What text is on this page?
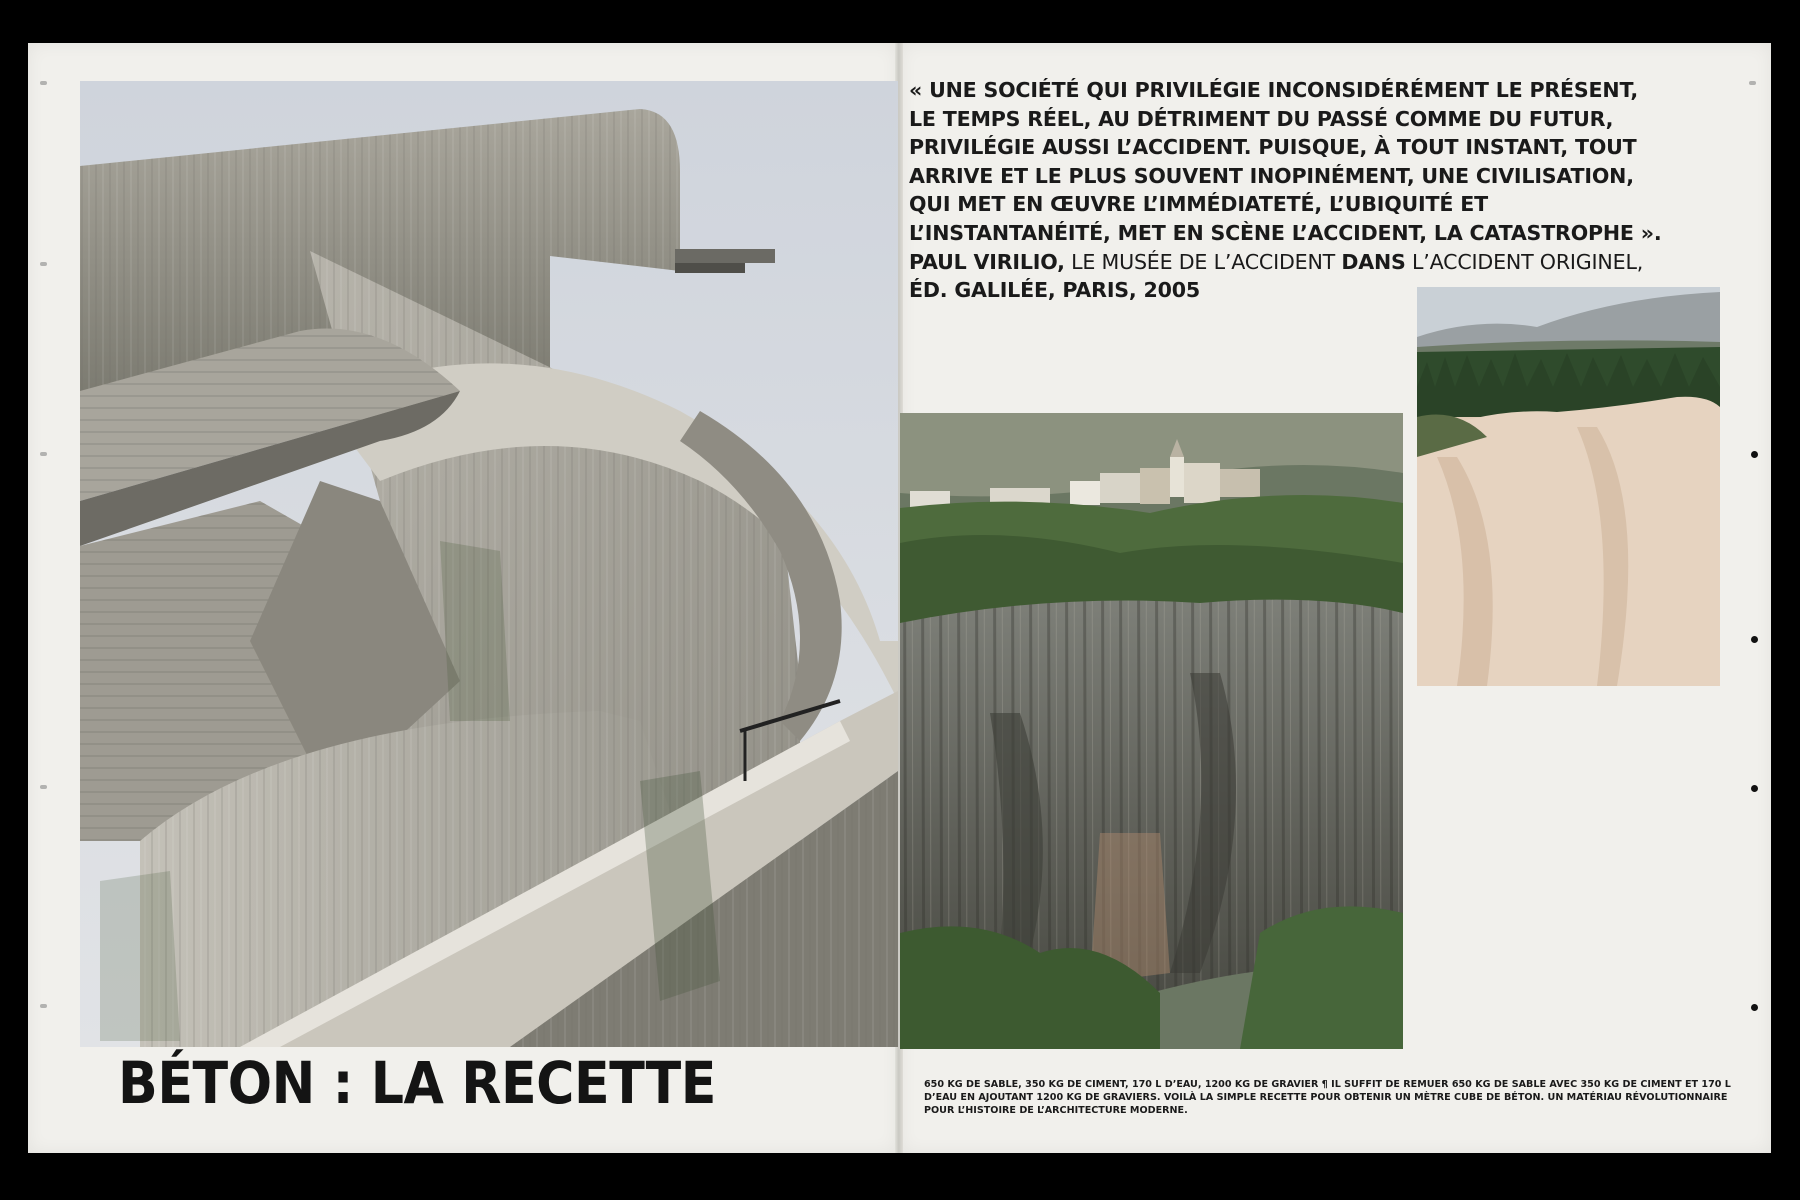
« UNE SOCIÉTÉ QUI PRIVILÉGIE INCONSIDÉRÉMENT LE PRÉSENT,
LE TEMPS RÉEL, AU DÉTRIMENT DU PASSÉ COMME DU FUTUR,
PRIVILÉGIE AUSSI L’ACCIDENT. PUISQUE, À TOUT INSTANT, TOUT
ARRIVE ET LE PLUS SOUVENT INOPINÉMENT, UNE CIVILISATION,
QUI MET EN ŒUVRE L’IMMÉDIATETÉ, L’UBIQUITÉ ET
L’INSTANTANÉITÉ, MET EN SCÈNE L’ACCIDENT, LA CATASTROPHE ».
PAUL VIRILIO, LE MUSÉE DE L’ACCIDENT DANS L’ACCIDENT ORIGINEL,
ÉD. GALILÉE, PARIS, 2005
BÉTON : LA RECETTE	650 KG DE SABLE, 350 KG DE CIMENT, 170 L D’EAU, 1200 KG DE GRAVIER ¶ IL SUFFIT DE REMUER 650 KG DE SABLE AVEC 350 KG DE CIMENT ET 170 L D’EAU EN AJOUTANT 1200 KG DE GRAVIERS. VOILÀ LA SIMPLE RECETTE POUR OBTENIR UN MÈTRE CUBE DE BÉTON. UN MATÉRIAU RÉVOLUTIONNAIRE POUR L’HISTOIRE DE L’ARCHITECTURE MODERNE.
